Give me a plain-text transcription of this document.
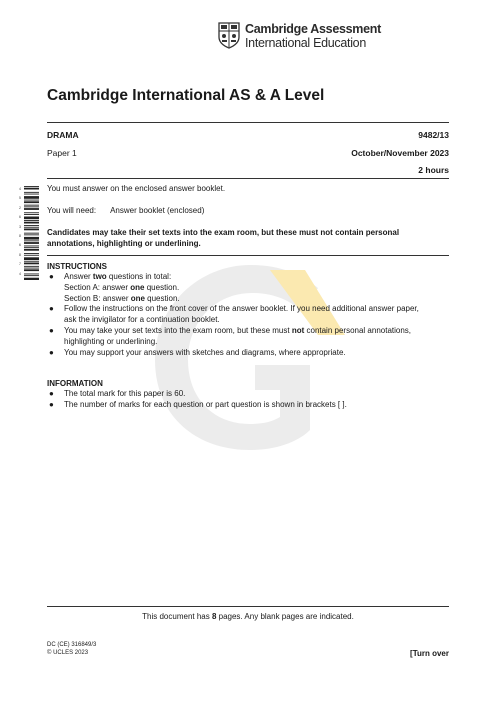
Cambridge Assessment
International Education
Cambridge International AS & A Level
DRAMA	9482/13
Paper 1	October/November 2023
2 hours
4
5
2
6
3
8
6
8
7
4
You must answer on the enclosed answer booklet.
You will need: Answer booklet (enclosed)
Candidates may take their set texts into the exam room, but these must not contain personal
annotations, highlighting or underlining.
INSTRUCTIONS
● Answer two questions in total:
Section A: answer one question.
Section B: answer one question.
● Follow the instructions on the front cover of the answer booklet. If you need additional answer paper,
ask the invigilator for a continuation booklet.
● You may take your set texts into the exam room, but these must not contain personal annotations,
highlighting or underlining.
● You may support your answers with sketches and diagrams, where appropriate.
INFORMATION
● The total mark for this paper is 60.
● The number of marks for each question or part question is shown in brackets [ ].
This document has 8 pages. Any blank pages are indicated.
DC (CE) 316849/3
© UCLES 2023	[Turn over
